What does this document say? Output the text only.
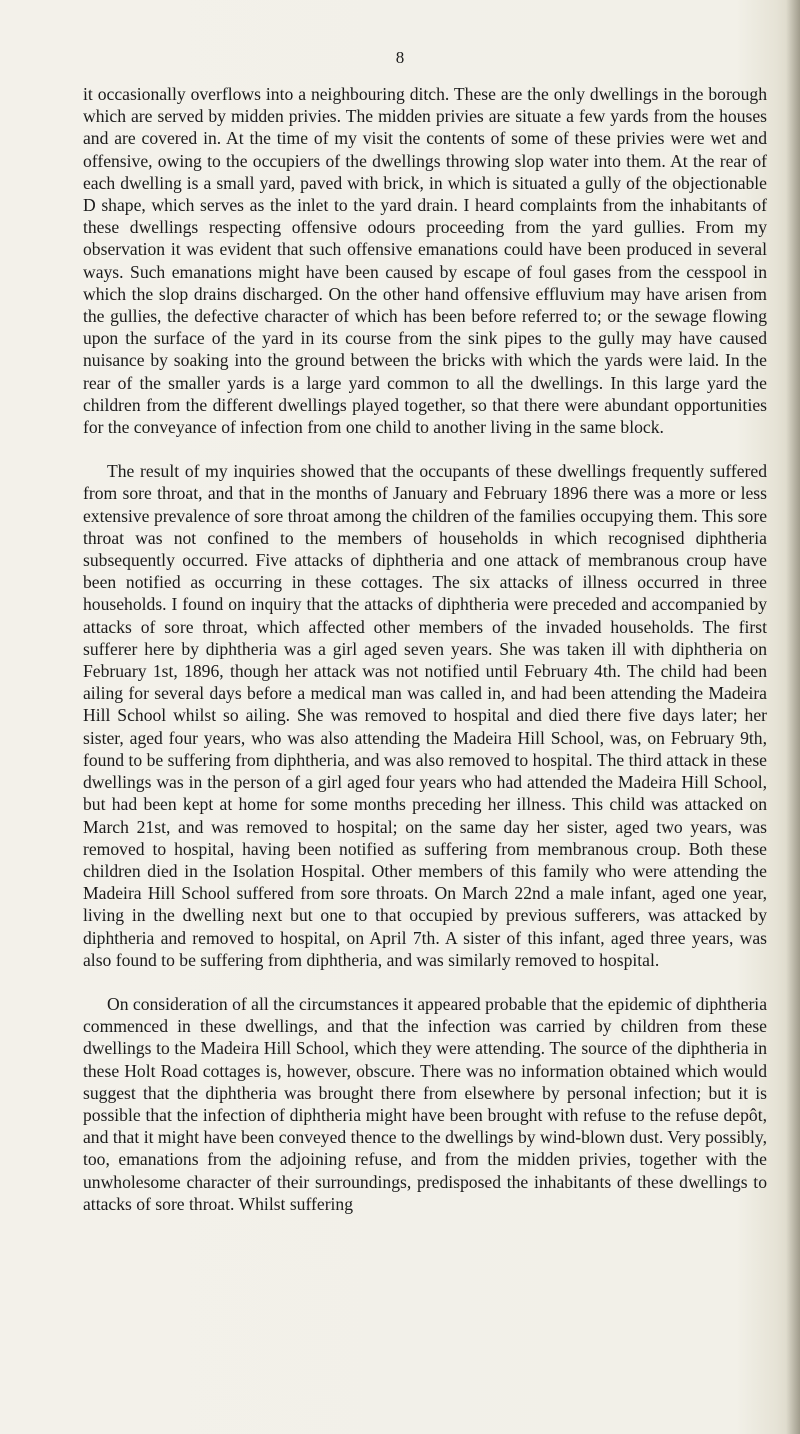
8

it occasionally overflows into a neighbouring ditch. These are the only dwellings in the borough which are served by midden privies. The midden privies are situate a few yards from the houses and are covered in. At the time of my visit the contents of some of these privies were wet and offensive, owing to the occupiers of the dwellings throwing slop water into them. At the rear of each dwelling is a small yard, paved with brick, in which is situated a gully of the objectionable D shape, which serves as the inlet to the yard drain. I heard complaints from the inhabitants of these dwellings respecting offensive odours proceeding from the yard gullies. From my observation it was evident that such offensive emanations could have been produced in several ways. Such emanations might have been caused by escape of foul gases from the cesspool in which the slop drains discharged. On the other hand offensive effluvium may have arisen from the gullies, the defective character of which has been before referred to; or the sewage flowing upon the surface of the yard in its course from the sink pipes to the gully may have caused nuisance by soaking into the ground between the bricks with which the yards were laid. In the rear of the smaller yards is a large yard common to all the dwellings. In this large yard the children from the different dwellings played together, so that there were abundant opportunities for the conveyance of infection from one child to another living in the same block.

The result of my inquiries showed that the occupants of these dwellings frequently suffered from sore throat, and that in the months of January and February 1896 there was a more or less extensive prevalence of sore throat among the children of the families occupying them. This sore throat was not confined to the members of households in which recognised diphtheria subsequently occurred. Five attacks of diphtheria and one attack of membranous croup have been notified as occurring in these cottages. The six attacks of illness occurred in three households. I found on inquiry that the attacks of diphtheria were preceded and accompanied by attacks of sore throat, which affected other members of the invaded households. The first sufferer here by diphtheria was a girl aged seven years. She was taken ill with diphtheria on February 1st, 1896, though her attack was not notified until February 4th. The child had been ailing for several days before a medical man was called in, and had been attending the Madeira Hill School whilst so ailing. She was removed to hospital and died there five days later; her sister, aged four years, who was also attending the Madeira Hill School, was, on February 9th, found to be suffering from diphtheria, and was also removed to hospital. The third attack in these dwellings was in the person of a girl aged four years who had attended the Madeira Hill School, but had been kept at home for some months preceding her illness. This child was attacked on March 21st, and was removed to hospital; on the same day her sister, aged two years, was removed to hospital, having been notified as suffering from membranous croup. Both these children died in the Isolation Hospital. Other members of this family who were attending the Madeira Hill School suffered from sore throats. On March 22nd a male infant, aged one year, living in the dwelling next but one to that occupied by previous sufferers, was attacked by diphtheria and removed to hospital, on April 7th. A sister of this infant, aged three years, was also found to be suffering from diphtheria, and was similarly removed to hospital.

On consideration of all the circumstances it appeared probable that the epidemic of diphtheria commenced in these dwellings, and that the infection was carried by children from these dwellings to the Madeira Hill School, which they were attending. The source of the diphtheria in these Holt Road cottages is, however, obscure. There was no information obtained which would suggest that the diphtheria was brought there from elsewhere by personal infection; but it is possible that the infection of diphtheria might have been brought with refuse to the refuse depôt, and that it might have been conveyed thence to the dwellings by wind-blown dust. Very possibly, too, emanations from the adjoining refuse, and from the midden privies, together with the unwholesome character of their surroundings, predisposed the inhabitants of these dwellings to attacks of sore throat. Whilst suffering
